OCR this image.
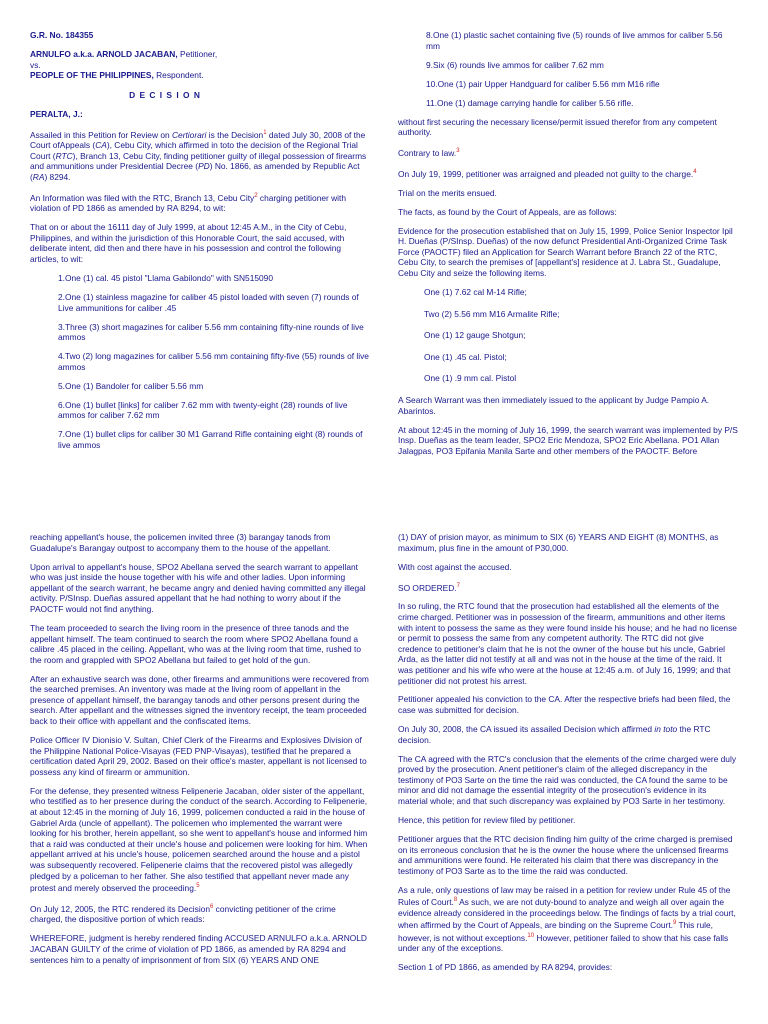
G.R. No. 184355

ARNULFO a.k.a. ARNOLD JACABAN, Petitioner,
vs.
PEOPLE OF THE PHILIPPINES, Respondent.

D E C I S I O N

PERALTA, J.:

Assailed in this Petition for Review on Certiorari is the Decision$^1$ dated July 30, 2008 of the Court ofAppeals (CA), Cebu City, which affirmed in toto the decision of the Regional Trial Court (RTC), Branch 13, Cebu City, finding petitioner guilty of illegal possession of firearms and ammunitions under Presidential Decree (PD) No. 1866, as amended by Republic Act (RA) 8294.

An Information was filed with the RTC, Branch 13, Cebu City$^2$ charging petitioner with violation of PD 1866 as amended by RA 8294, to wit:

That on or about the 16111 day of July 1999, at about 12:45 A.M., in the City of Cebu, Philippines, and within the jurisdiction of this Honorable Court, the said accused, with deliberate intent, did then and there have in his possession and control the following articles, to wit:

1.One (1) cal. 45 pistol "Llama Gabilondo" with SN515090

2.One (1) stainless magazine for caliber 45 pistol loaded with seven (7) rounds of Live ammunitions for caliber .45

3.Three (3) short magazines for caliber 5.56 mm containing fifty-nine rounds of live ammos

4.Two (2) long magazines for caliber 5.56 mm containing fifty-five (55) rounds of live ammos

5.One (1) Bandoler for caliber 5.56 mm

6.One (1) bullet [links] for caliber 7.62 mm with twenty-eight (28) rounds of live ammos for caliber 7.62 mm

7.One (1) bullet clips for caliber 30 M1 Garrand Rifle containing eight (8) rounds of live ammos

8.One (1) plastic sachet containing five (5) rounds of live ammos for caliber 5.56 mm

9.Six (6) rounds live ammos for caliber 7.62 mm

10.One (1) pair Upper Handguard for caliber 5.56 mm M16 rifle

11.One (1) damage carrying handle for caliber 5.56 rifle.

without first securing the necessary license/permit issued therefor from any competent authority.

Contrary to law.$^3$

On July 19, 1999, petitioner was arraigned and pleaded not guilty to the charge.$^4$

Trial on the merits ensued.

The facts, as found by the Court of Appeals, are as follows:

Evidence for the prosecution established that on July 15, 1999, Police Senior Inspector Ipil H. Dueñas (P/SInsp. Dueñas) of the now defunct Presidential Anti-Organized Crime Task Force (PAOCTF) filed an Application for Search Warrant before Branch 22 of the RTC, Cebu City, to search the premises of [appellant's] residence at J. Labra St., Guadalupe, Cebu City and seize the following items.

One (1) 7.62 cal M-14 Rifle;

Two (2) 5.56 mm M16 Armalite Rifle;

One (1) 12 gauge Shotgun;

One (1) .45 cal. Pistol;

One (1) .9 mm cal. Pistol

A Search Warrant was then immediately issued to the applicant by Judge Pampio A. Abarintos.

At about 12:45 in the morning of July 16, 1999, the search warrant was implemented by P/S Insp. Dueñas as the team leader, SPO2 Eric Mendoza, SPO2 Eric Abellana. PO1 Allan Jalagpas, PO3 Epifania Manila Sarte and other members of the PAOCTF. Before

reaching appellant's house, the policemen invited three (3) barangay tanods from Guadalupe's Barangay outpost to accompany them to the house of the appellant.

Upon arrival to appellant's house, SPO2 Abellana served the search warrant to appellant who was just inside the house together with his wife and other ladies. Upon informing appellant of the search warrant, he became angry and denied having committed any illegal activity. P/SInsp. Dueñas assured appellant that he had nothing to worry about if the PAOCTF would not find anything.

The team proceeded to search the living room in the presence of three tanods and the appellant himself. The team continued to search the room where SPO2 Abellana found a calibre .45 placed in the ceiling. Appellant, who was at the living room that time, rushed to the room and grappled with SPO2 Abellana but failed to get hold of the gun.

After an exhaustive search was done, other firearms and ammunitions were recovered from the searched premises. An inventory was made at the living room of appellant in the presence of appellant himself, the barangay tanods and other persons present during the search. After appellant and the witnesses signed the inventory receipt, the team proceeded back to their office with appellant and the confiscated items.

Police Officer IV Dionisio V. Sultan, Chief Clerk of the Firearms and Explosives Division of the Philippine National Police-Visayas (FED PNP-Visayas), testified that he prepared a certification dated April 29, 2002. Based on their office's master, appellant is not licensed to possess any kind of firearm or ammunition.

For the defense, they presented witness Felipenerie Jacaban, older sister of the appellant, who testified as to her presence during the conduct of the search. According to Felipenerie, at about 12:45 in the morning of July 16, 1999, policemen conducted a raid in the house of Gabriel Arda (uncle of appellant). The policemen who implemented the warrant were looking for his brother, herein appellant, so she went to appellant's house and informed him that a raid was conducted at their uncle's house and policemen were looking for him. When appellant arrived at his uncle's house, policemen searched around the house and a pistol was subsequently recovered. Felipenerie claims that the recovered pistol was allegedly pledged by a policeman to her father. She also testified that appellant never made any protest and merely observed the proceeding.$^5$

On July 12, 2005, the RTC rendered its Decision$^6$ convicting petitioner of the crime charged, the dispositive portion of which reads:

WHEREFORE, judgment is hereby rendered finding ACCUSED ARNULFO a.k.a. ARNOLD JACABAN GUILTY of the crime of violation of PD 1866, as amended by RA 8294 and sentences him to a penalty of imprisonment of from SIX (6) YEARS AND ONE

(1) DAY of prision mayor, as minimum to SIX (6) YEARS AND EIGHT (8) MONTHS, as maximum, plus fine in the amount of P30,000.

With cost against the accused.

SO ORDERED.$^7$

In so ruling, the RTC found that the prosecution had established all the elements of the crime charged. Petitioner was in possession of the firearm, ammunitions and other items with intent to possess the same as they were found inside his house; and he had no license or permit to possess the same from any competent authority. The RTC did not give credence to petitioner's claim that he is not the owner of the house but his uncle, Gabriel Arda, as the latter did not testify at all and was not in the house at the time of the raid. It was petitioner and his wife who were at the house at 12:45 a.m. of July 16, 1999; and that petitioner did not protest his arrest.

Petitioner appealed his conviction to the CA. After the respective briefs had been filed, the case was submitted for decision.

On July 30, 2008, the CA issued its assailed Decision which affirmed in toto the RTC decision.

The CA agreed with the RTC's conclusion that the elements of the crime charged were duly proved by the prosecution. Anent petitioner's claim of the alleged discrepancy in the testimony of PO3 Sarte on the time the raid was conducted, the CA found the same to be minor and did not damage the essential integrity of the prosecution's evidence in its material whole; and that such discrepancy was explained by PO3 Sarte in her testimony.

Hence, this petition for review filed by petitioner.

Petitioner argues that the RTC decision finding him guilty of the crime charged is premised on its erroneous conclusion that he is the owner the house where the unlicensed firearms and ammunitions were found. He reiterated his claim that there was discrepancy in the testimony of PO3 Sarte as to the time the raid was conducted.

As a rule, only questions of law may be raised in a petition for review under Rule 45 of the Rules of Court.$^8$ As such, we are not duty-bound to analyze and weigh all over again the evidence already considered in the proceedings below. The findings of facts by a trial court, when affirmed by the Court of Appeals, are binding on the Supreme Court.$^9$ This rule, however, is not without exceptions.$^{10}$ However, petitioner failed to show that his case falls under any of the exceptions.

Section 1 of PD 1866, as amended by RA 8294, provides:
